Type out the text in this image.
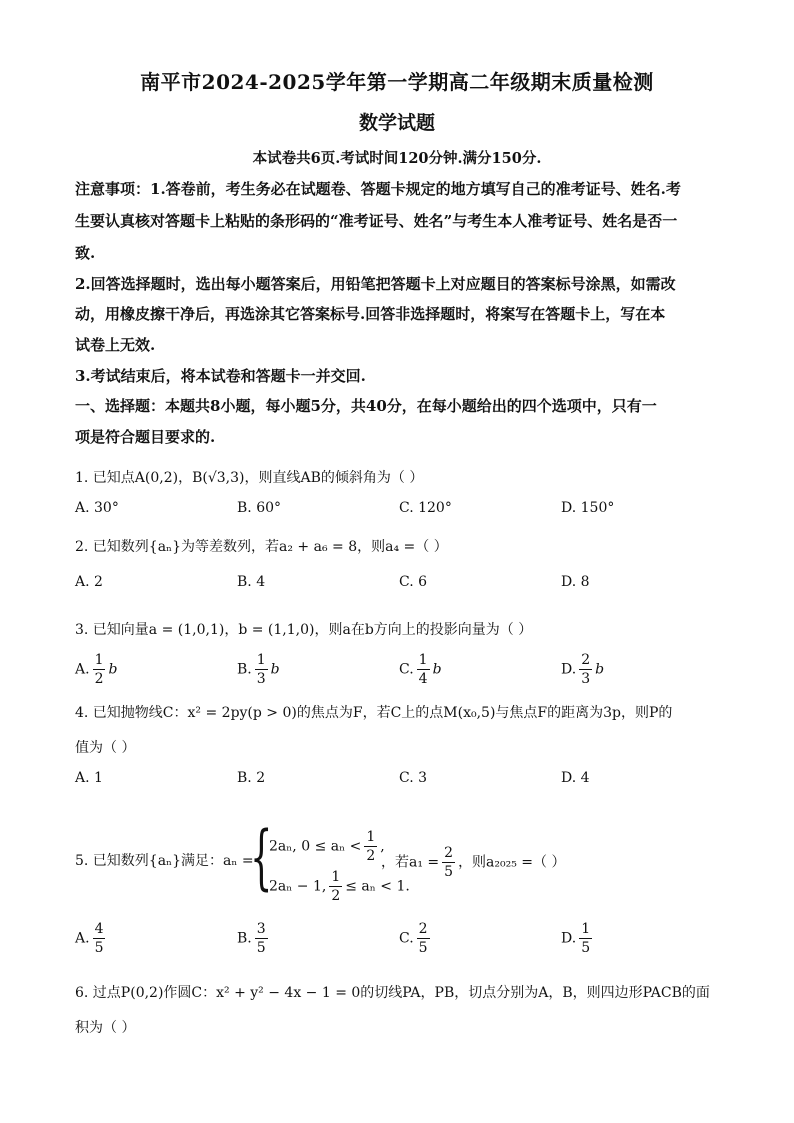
南平市2024-2025学年第一学期高二年级期末质量检测
数学试题
本试卷共6页.考试时间120分钟.满分150分.
注意事项：1.答卷前，考生务必在试题卷、答题卡规定的地方填写自己的准考证号、姓名.考
生要认真核对答题卡上粘贴的条形码的“准考证号、姓名”与考生本人准考证号、姓名是否一
致.
2.回答选择题时，选出每小题答案后，用铅笔把答题卡上对应题目的答案标号涂黑，如需改
动，用橡皮擦干净后，再选涂其它答案标号.回答非选择题时，将案写在答题卡上，写在本
试卷上无效.
3.考试结束后，将本试卷和答题卡一并交回.
一、选择题：本题共8小题，每小题5分，共40分，在每小题给出的四个选项中，只有一
项是符合题目要求的.
1. 已知点A(0,2)，B(√3,3)，则直线AB的倾斜角为（ ）
A. 30°	B. 60°	C. 120°	D. 150°
2. 已知数列{aₙ}为等差数列，若a₂ + a₆ = 8，则a₄ =（ ）
A. 2	B. 4	C. 6	D. 8
3. 已知向量a = (1,0,1)，b = (1,1,0)，则a在b方向上的投影向量为（ ）
A. $\frac{1}{2}$ b	B. $\frac{1}{3}$ b	C. $\frac{1}{4}$ b	D. $\frac{2}{3}$ b
4. 已知抛物线C：x² = 2py(p > 0)的焦点为F，若C上的点M(x₀,5)与焦点F的距离为3p，则P的
值为（ ）
A. 1	B. 2	C. 3	D. 4
5. 已知数列{aₙ}满足：aₙ =
{
2aₙ, $0 \le a_n < \frac{1}{2}$ ,
2aₙ − 1, $\frac{1}{2} \le a_n < 1$.
，若$a_1 = \frac{2}{5}$ ，则a₂₀₂₅ =（ ）
A. $\frac{4}{5}$	B. $\frac{3}{5}$	C. $\frac{2}{5}$	D. $\frac{1}{5}$
6. 过点P(0,2)作圆C：x² + y² − 4x − 1 = 0的切线PA，PB，切点分别为A，B，则四边形PACB的面
积为（ ）
